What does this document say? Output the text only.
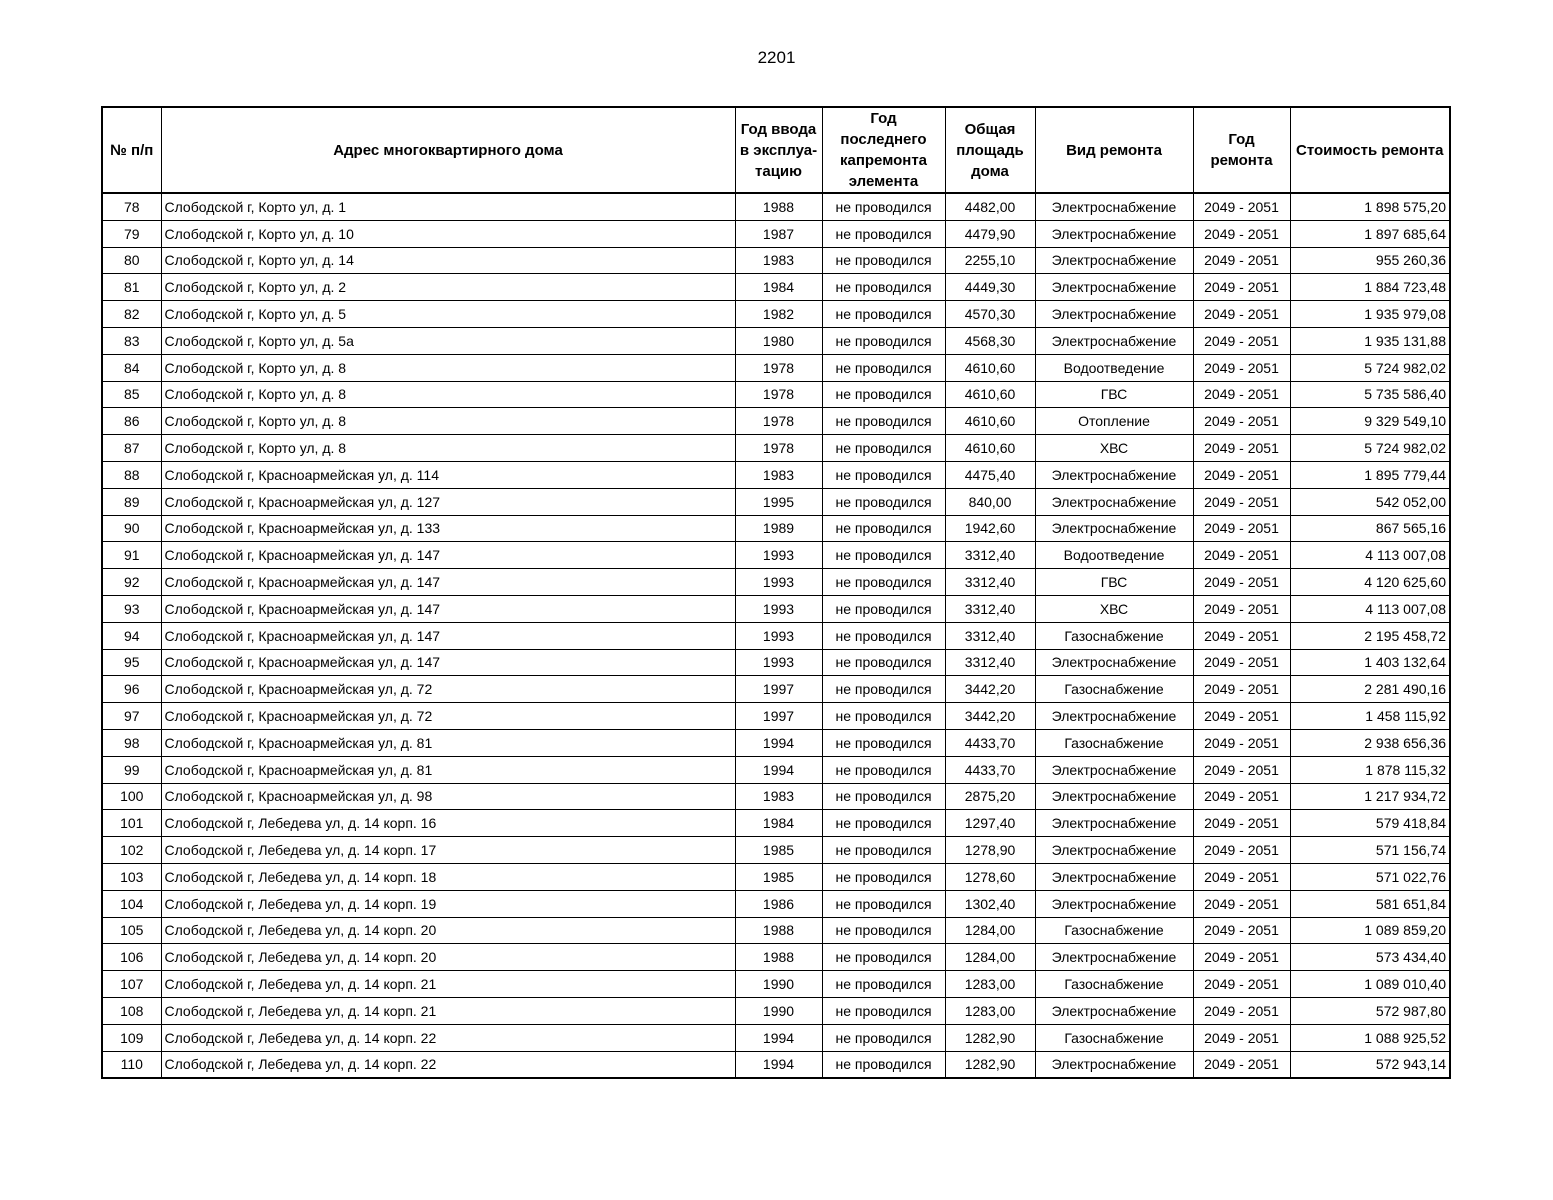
2201
№ п/п	Адрес многоквартирного дома	Год ввода в эксплуа-тацию	Год последнего капремонта элемента	Общая площадь дома	Вид ремонта	Год ремонта	Стоимость ремонта
78	Слободской г, Корто ул, д. 1	1988	не проводился	4482,00	Электроснабжение	2049 - 2051	1 898 575,20
79	Слободской г, Корто ул, д. 10	1987	не проводился	4479,90	Электроснабжение	2049 - 2051	1 897 685,64
80	Слободской г, Корто ул, д. 14	1983	не проводился	2255,10	Электроснабжение	2049 - 2051	955 260,36
81	Слободской г, Корто ул, д. 2	1984	не проводился	4449,30	Электроснабжение	2049 - 2051	1 884 723,48
82	Слободской г, Корто ул, д. 5	1982	не проводился	4570,30	Электроснабжение	2049 - 2051	1 935 979,08
83	Слободской г, Корто ул, д. 5а	1980	не проводился	4568,30	Электроснабжение	2049 - 2051	1 935 131,88
84	Слободской г, Корто ул, д. 8	1978	не проводился	4610,60	Водоотведение	2049 - 2051	5 724 982,02
85	Слободской г, Корто ул, д. 8	1978	не проводился	4610,60	ГВС	2049 - 2051	5 735 586,40
86	Слободской г, Корто ул, д. 8	1978	не проводился	4610,60	Отопление	2049 - 2051	9 329 549,10
87	Слободской г, Корто ул, д. 8	1978	не проводился	4610,60	ХВС	2049 - 2051	5 724 982,02
88	Слободской г, Красноармейская ул, д. 114	1983	не проводился	4475,40	Электроснабжение	2049 - 2051	1 895 779,44
89	Слободской г, Красноармейская ул, д. 127	1995	не проводился	840,00	Электроснабжение	2049 - 2051	542 052,00
90	Слободской г, Красноармейская ул, д. 133	1989	не проводился	1942,60	Электроснабжение	2049 - 2051	867 565,16
91	Слободской г, Красноармейская ул, д. 147	1993	не проводился	3312,40	Водоотведение	2049 - 2051	4 113 007,08
92	Слободской г, Красноармейская ул, д. 147	1993	не проводился	3312,40	ГВС	2049 - 2051	4 120 625,60
93	Слободской г, Красноармейская ул, д. 147	1993	не проводился	3312,40	ХВС	2049 - 2051	4 113 007,08
94	Слободской г, Красноармейская ул, д. 147	1993	не проводился	3312,40	Газоснабжение	2049 - 2051	2 195 458,72
95	Слободской г, Красноармейская ул, д. 147	1993	не проводился	3312,40	Электроснабжение	2049 - 2051	1 403 132,64
96	Слободской г, Красноармейская ул, д. 72	1997	не проводился	3442,20	Газоснабжение	2049 - 2051	2 281 490,16
97	Слободской г, Красноармейская ул, д. 72	1997	не проводился	3442,20	Электроснабжение	2049 - 2051	1 458 115,92
98	Слободской г, Красноармейская ул, д. 81	1994	не проводился	4433,70	Газоснабжение	2049 - 2051	2 938 656,36
99	Слободской г, Красноармейская ул, д. 81	1994	не проводился	4433,70	Электроснабжение	2049 - 2051	1 878 115,32
100	Слободской г, Красноармейская ул, д. 98	1983	не проводился	2875,20	Электроснабжение	2049 - 2051	1 217 934,72
101	Слободской г, Лебедева ул, д. 14 корп. 16	1984	не проводился	1297,40	Электроснабжение	2049 - 2051	579 418,84
102	Слободской г, Лебедева ул, д. 14 корп. 17	1985	не проводился	1278,90	Электроснабжение	2049 - 2051	571 156,74
103	Слободской г, Лебедева ул, д. 14 корп. 18	1985	не проводился	1278,60	Электроснабжение	2049 - 2051	571 022,76
104	Слободской г, Лебедева ул, д. 14 корп. 19	1986	не проводился	1302,40	Электроснабжение	2049 - 2051	581 651,84
105	Слободской г, Лебедева ул, д. 14 корп. 20	1988	не проводился	1284,00	Газоснабжение	2049 - 2051	1 089 859,20
106	Слободской г, Лебедева ул, д. 14 корп. 20	1988	не проводился	1284,00	Электроснабжение	2049 - 2051	573 434,40
107	Слободской г, Лебедева ул, д. 14 корп. 21	1990	не проводился	1283,00	Газоснабжение	2049 - 2051	1 089 010,40
108	Слободской г, Лебедева ул, д. 14 корп. 21	1990	не проводился	1283,00	Электроснабжение	2049 - 2051	572 987,80
109	Слободской г, Лебедева ул, д. 14 корп. 22	1994	не проводился	1282,90	Газоснабжение	2049 - 2051	1 088 925,52
110	Слободской г, Лебедева ул, д. 14 корп. 22	1994	не проводился	1282,90	Электроснабжение	2049 - 2051	572 943,14
